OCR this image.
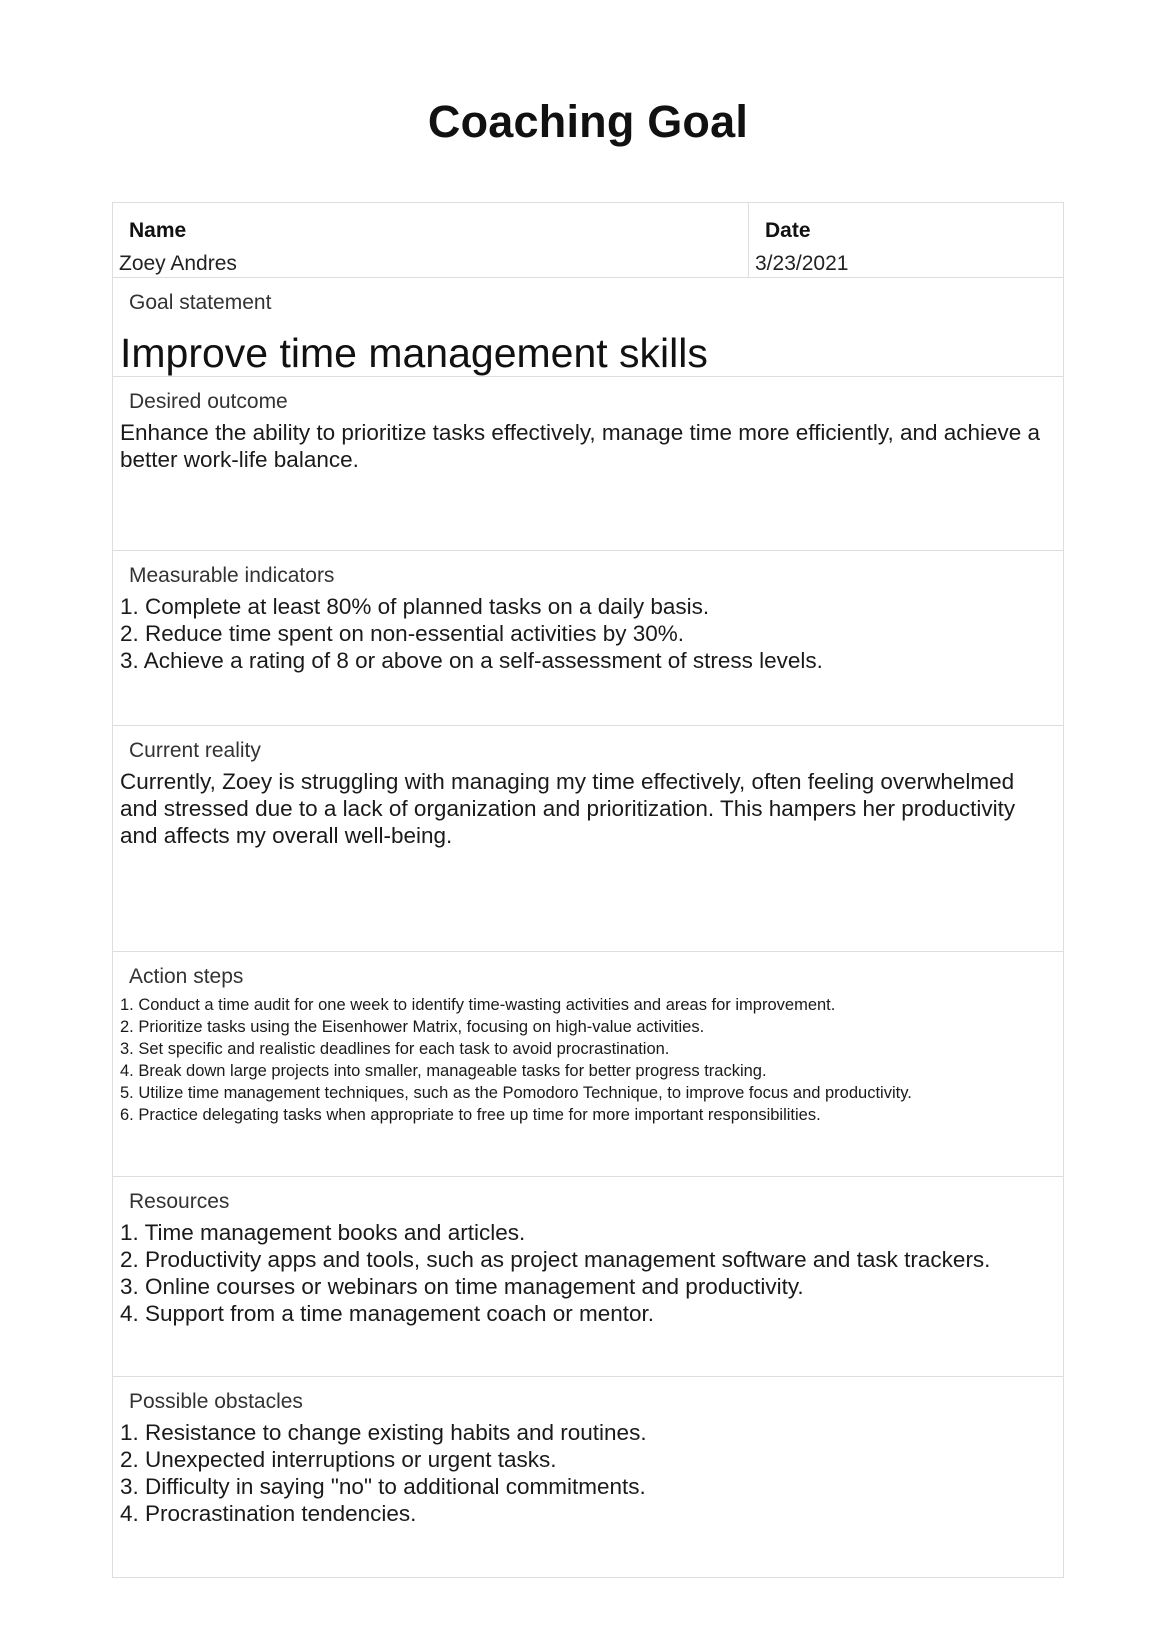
Coaching Goal
Name
Zoey Andres
Date
3/23/2021
Goal statement
Improve time management skills
Desired outcome
Enhance the ability to prioritize tasks effectively, manage time more efficiently, and achieve a better work-life balance.
Measurable indicators
1. Complete at least 80% of planned tasks on a daily basis.
2. Reduce time spent on non-essential activities by 30%.
3. Achieve a rating of 8 or above on a self-assessment of stress levels.
Current reality
Currently, Zoey is struggling with managing my time effectively, often feeling overwhelmed and stressed due to a lack of organization and prioritization. This hampers her productivity and affects my overall well-being.
Action steps
1. Conduct a time audit for one week to identify time-wasting activities and areas for improvement.
2. Prioritize tasks using the Eisenhower Matrix, focusing on high-value activities.
3. Set specific and realistic deadlines for each task to avoid procrastination.
4. Break down large projects into smaller, manageable tasks for better progress tracking.
5. Utilize time management techniques, such as the Pomodoro Technique, to improve focus and productivity.
6. Practice delegating tasks when appropriate to free up time for more important responsibilities.
Resources
1. Time management books and articles.
2. Productivity apps and tools, such as project management software and task trackers.
3. Online courses or webinars on time management and productivity.
4. Support from a time management coach or mentor.
Possible obstacles
1. Resistance to change existing habits and routines.
2. Unexpected interruptions or urgent tasks.
3. Difficulty in saying "no" to additional commitments.
4. Procrastination tendencies.
